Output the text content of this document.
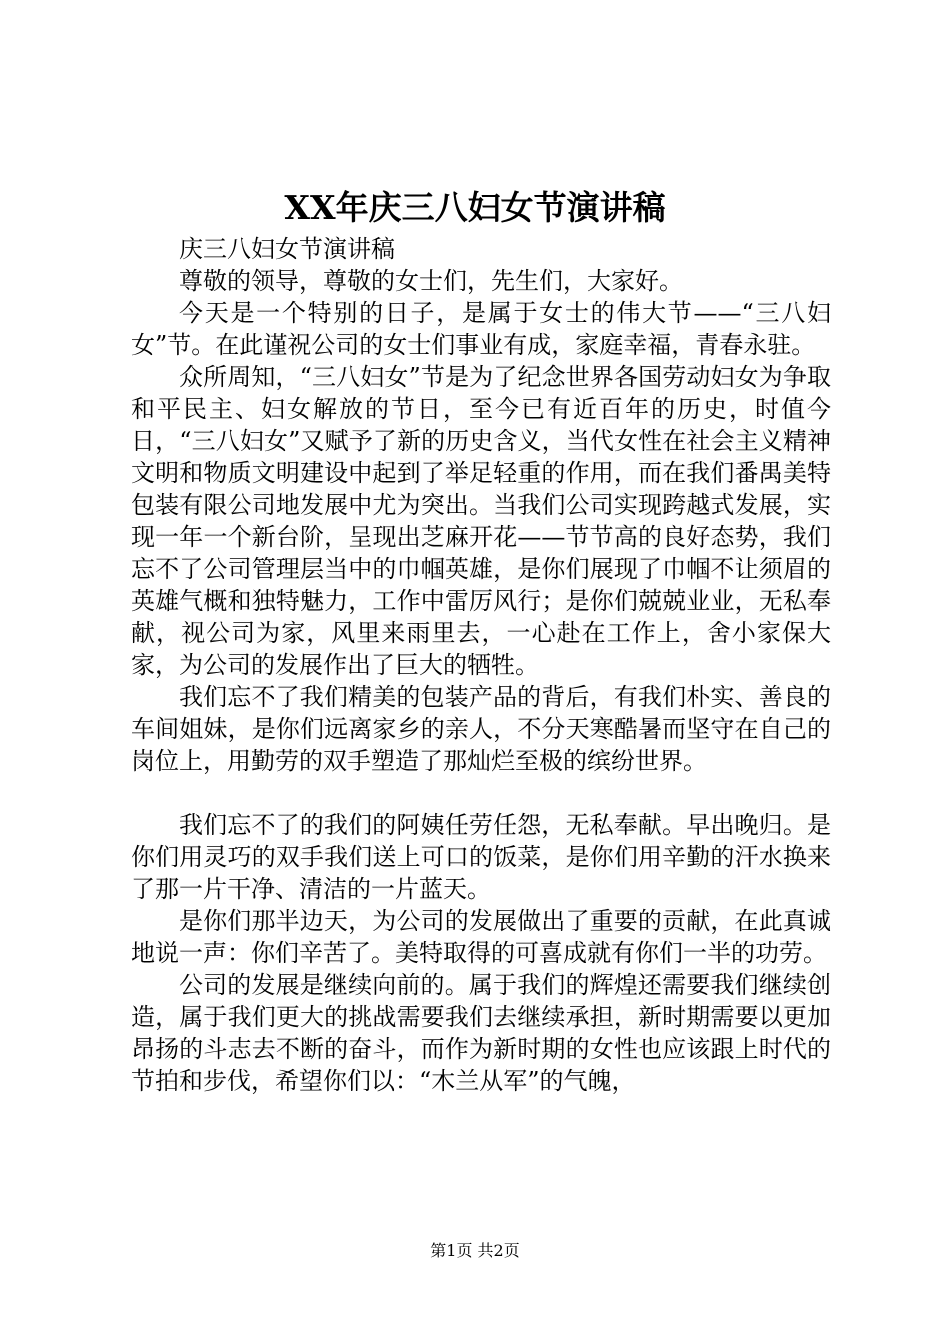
XX年庆三八妇女节演讲稿

庆三八妇女节演讲稿

尊敬的领导，尊敬的女士们，先生们，大家好。

今天是一个特别的日子，是属于女士的伟大节——“三八妇女”节。在此谨祝公司的女士们事业有成，家庭幸福，青春永驻。

众所周知，“三八妇女”节是为了纪念世界各国劳动妇女为争取和平民主、妇女解放的节日，至今已有近百年的历史，时值今日，“三八妇女”又赋予了新的历史含义，当代女性在社会主义精神文明和物质文明建设中起到了举足轻重的作用，而在我们番禺美特包装有限公司地发展中尤为突出。当我们公司实现跨越式发展，实现一年一个新台阶，呈现出芝麻开花——节节高的良好态势，我们忘不了公司管理层当中的巾帼英雄，是你们展现了巾帼不让须眉的英雄气概和独特魅力，工作中雷厉风行；是你们兢兢业业，无私奉献，视公司为家，风里来雨里去，一心赴在工作上，舍小家保大家，为公司的发展作出了巨大的牺牲。

我们忘不了我们精美的包装产品的背后，有我们朴实、善良的车间姐妹，是你们远离家乡的亲人，不分天寒酷暑而坚守在自己的岗位上，用勤劳的双手塑造了那灿烂至极的缤纷世界。

我们忘不了的我们的阿姨任劳任怨，无私奉献。早出晚归。是你们用灵巧的双手我们送上可口的饭菜，是你们用辛勤的汗水换来了那一片干净、清洁的一片蓝天。

是你们那半边天，为公司的发展做出了重要的贡献，在此真诚地说一声：你们辛苦了。美特取得的可喜成就有你们一半的功劳。

公司的发展是继续向前的。属于我们的辉煌还需要我们继续创造，属于我们更大的挑战需要我们去继续承担，新时期需要以更加昂扬的斗志去不断的奋斗，而作为新时期的女性也应该跟上时代的节拍和步伐，希望你们以：“木兰从军”的气魄，

第1页 共2页
